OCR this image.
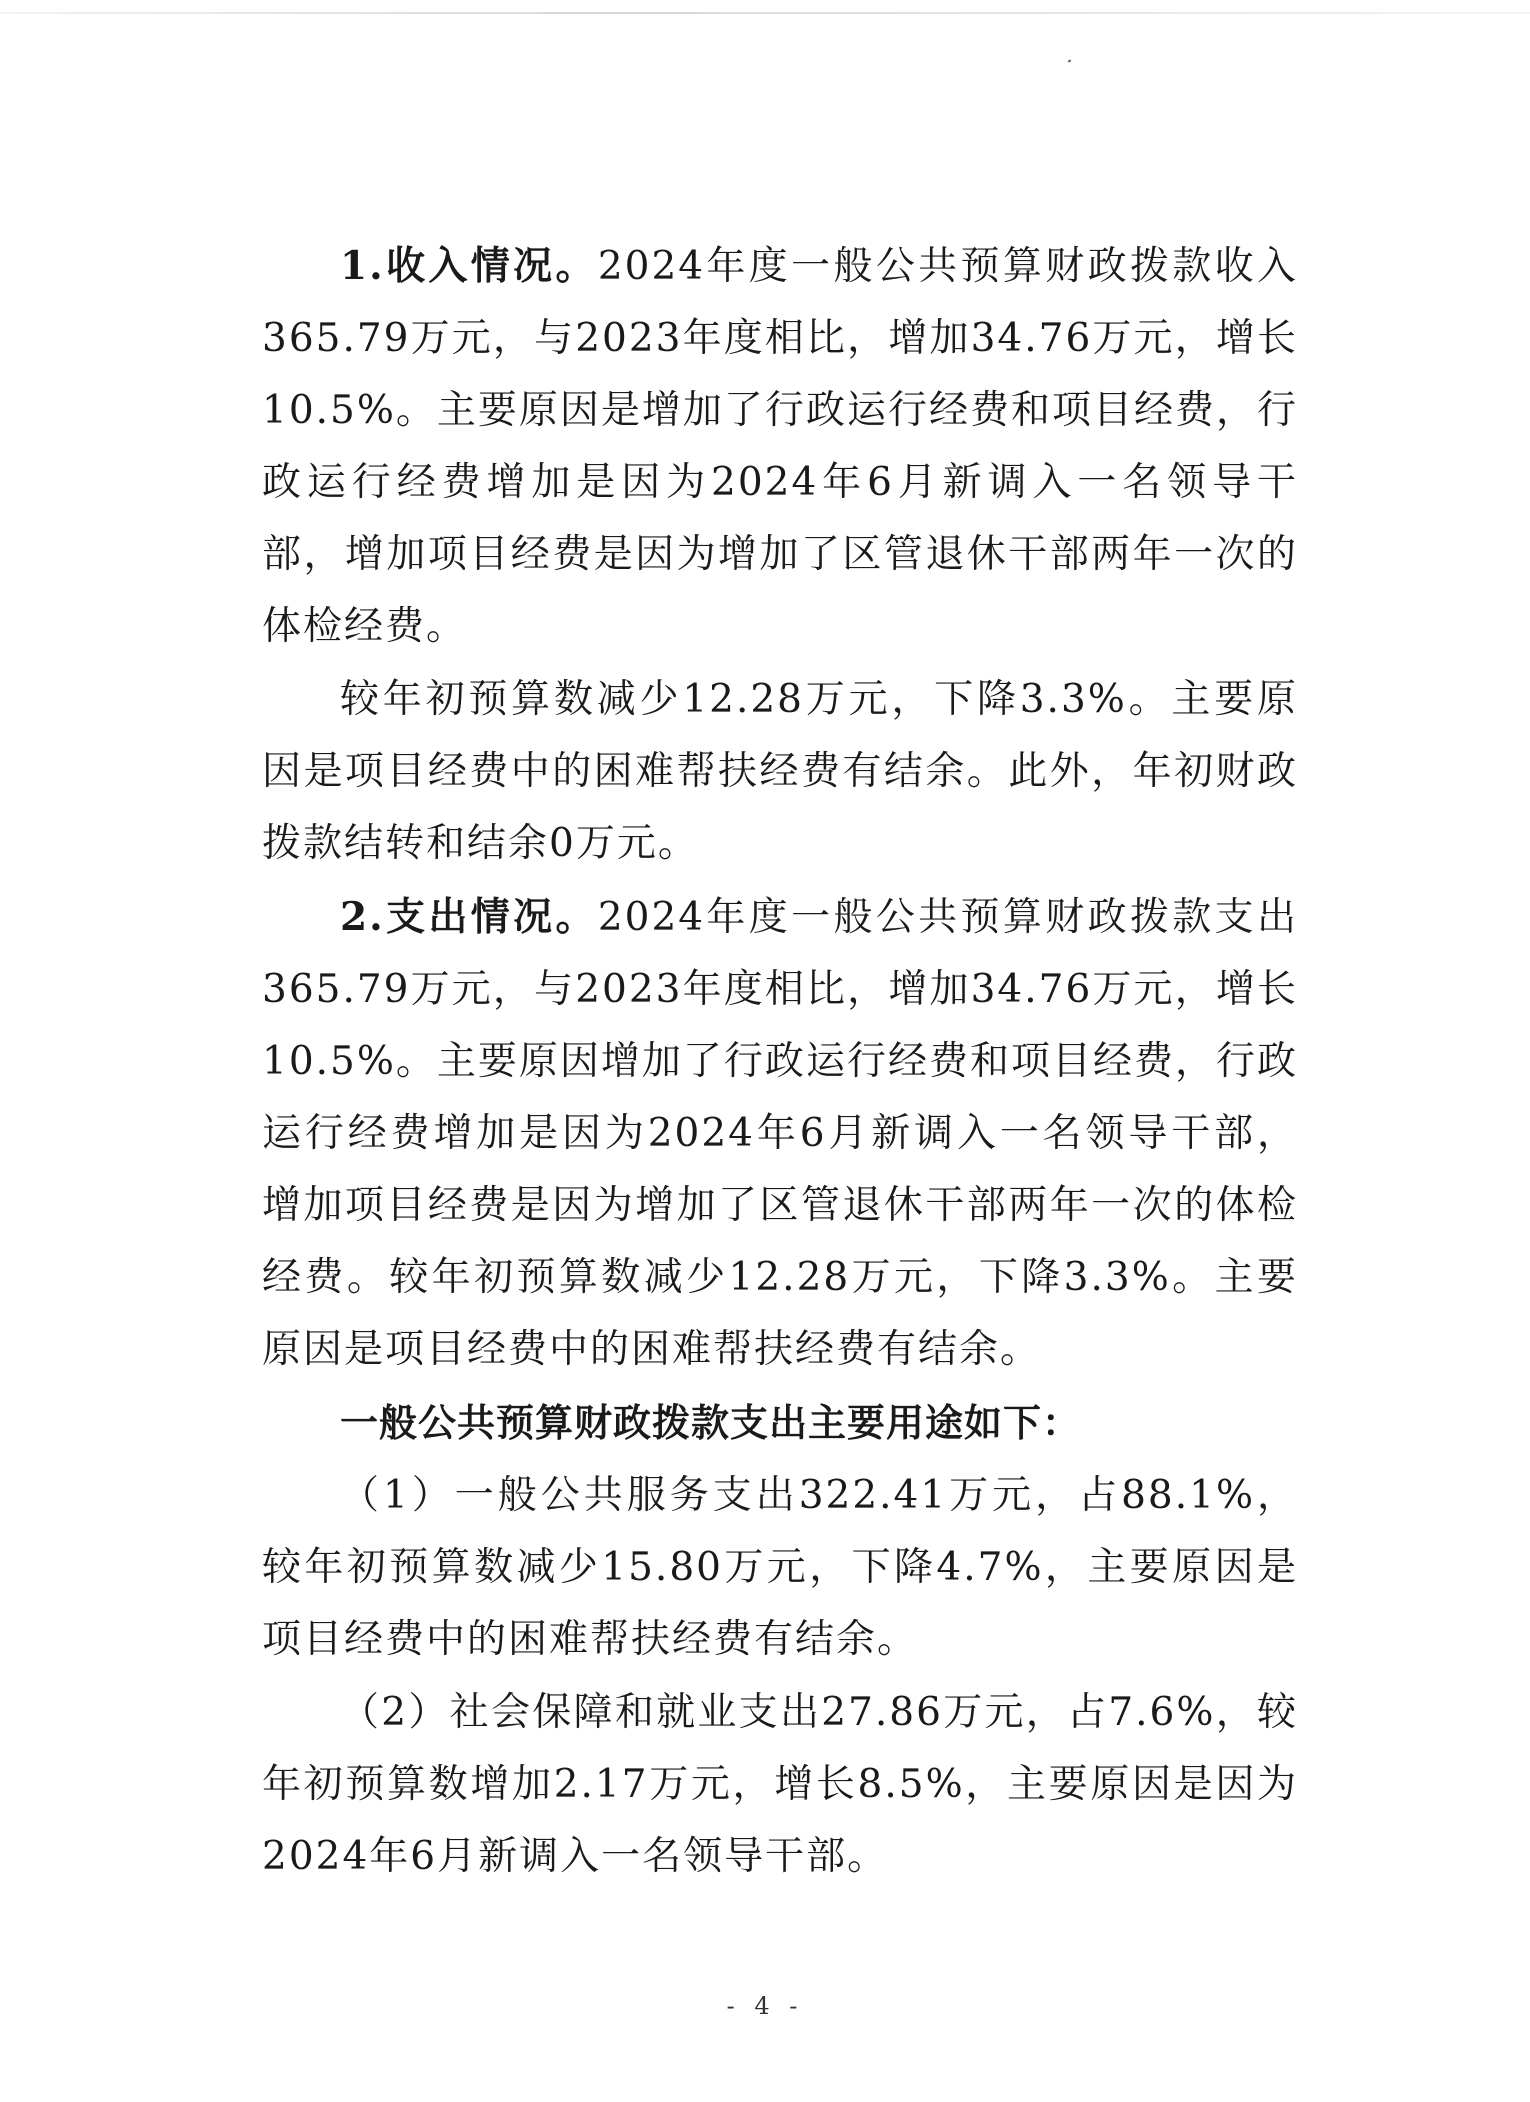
1.收入情况。2024年度一般公共预算财政拨款收入365.79万元，与2023年度相比，增加34.76万元，增长10.5%。主要原因是增加了行政运行经费和项目经费，行政运行经费增加是因为2024年6月新调入一名领导干部，增加项目经费是因为增加了区管退休干部两年一次的体检经费。

较年初预算数减少12.28万元，下降3.3%。主要原因是项目经费中的困难帮扶经费有结余。此外，年初财政拨款结转和结余0万元。

2.支出情况。2024年度一般公共预算财政拨款支出365.79万元，与2023年度相比，增加34.76万元，增长10.5%。主要原因增加了行政运行经费和项目经费，行政运行经费增加是因为2024年6月新调入一名领导干部，增加项目经费是因为增加了区管退休干部两年一次的体检经费。较年初预算数减少12.28万元，下降3.3%。主要原因是项目经费中的困难帮扶经费有结余。

一般公共预算财政拨款支出主要用途如下：

（1）一般公共服务支出322.41万元，占88.1%，较年初预算数减少15.80万元，下降4.7%，主要原因是项目经费中的困难帮扶经费有结余。

（2）社会保障和就业支出27.86万元，占7.6%，较年初预算数增加2.17万元，增长8.5%，主要原因是因为2024年6月新调入一名领导干部。

- 4 -
